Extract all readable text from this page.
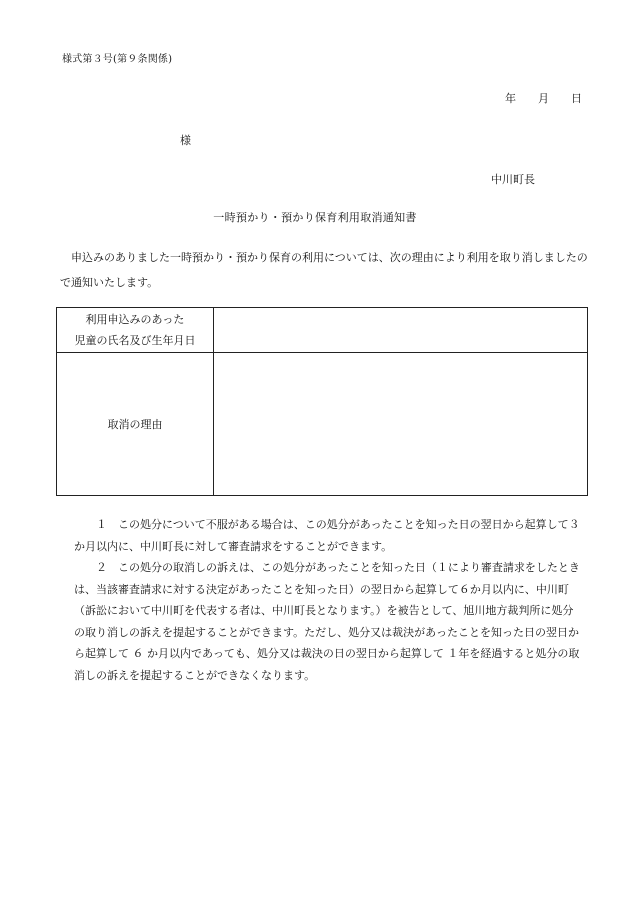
様式第３号(第９条関係)
年 月 日
様
中川町長
一時預かり・預かり保育利用取消通知書

申込みのありました一時預かり・預かり保育の利用については、次の理由により利用を取り消しましたので通知いたします。

利用申込みのあった
児童の氏名及び生年月日	

取消の理由	
１　 この処分について不服がある場合は、この処分があったことを知った日の翌日から起算して３か月以内に、中川町長に対して審査請求をすることができます。
２　 この処分の取消しの訴えは、この処分があったことを知った日（１により審査請求をしたときは、当該審査請求に対する決定があったことを知った日）の翌日から起算して６か月以内に、中川町（訴訟において中川町を代表する者は、中川町長となります。）を被告として、旭川地方裁判所に処分の取り消しの訴えを提起することができます。ただし、処分又は裁決があったことを知った日の翌日から起算して ６ か月以内であっても、処分又は裁決の日の翌日から起算して １年を経過すると処分の取消しの訴えを提起することができなくなります。
